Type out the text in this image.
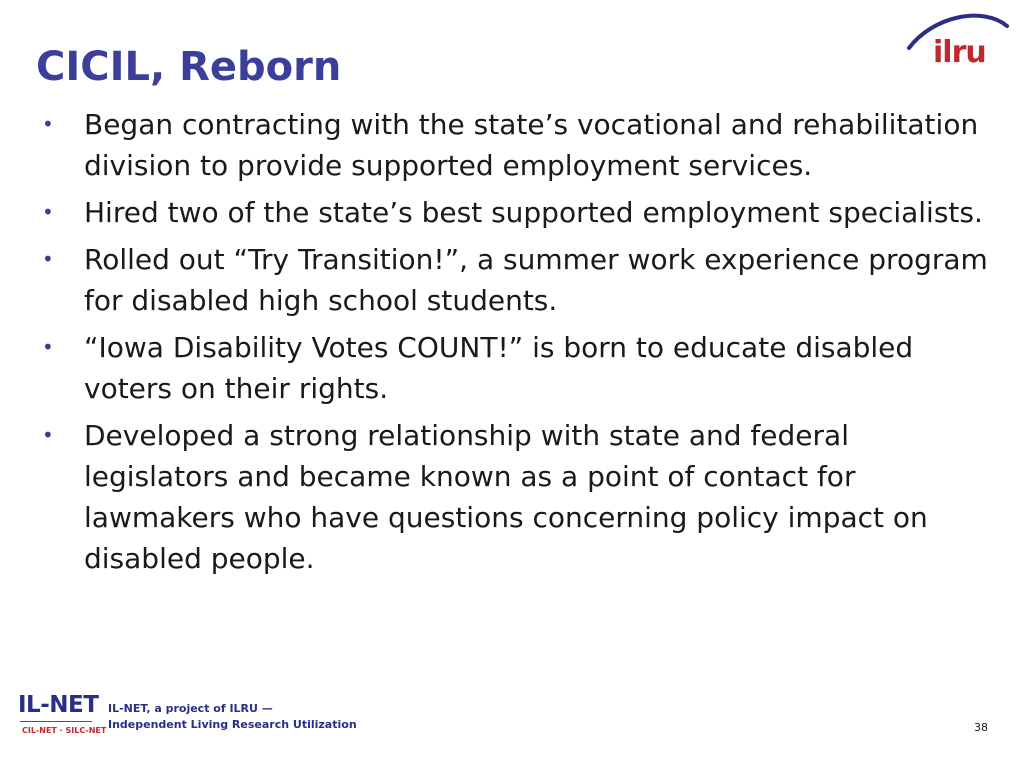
CICIL, Reborn	ilru
• Began contracting with the state’s vocational and rehabilitation division to provide supported employment services.
• Hired two of the state’s best supported employment specialists.
• Rolled out “Try Transition!”, a summer work experience program for disabled high school students.
• “Iowa Disability Votes COUNT!” is born to educate disabled voters on their rights.
• Developed a strong relationship with state and federal legislators and became known as a point of contact for lawmakers who have questions concerning policy impact on disabled people.
IL-NET
CIL-NET · SILC-NET
IL-NET, a project of ILRU —
Independent Living Research Utilization	38
